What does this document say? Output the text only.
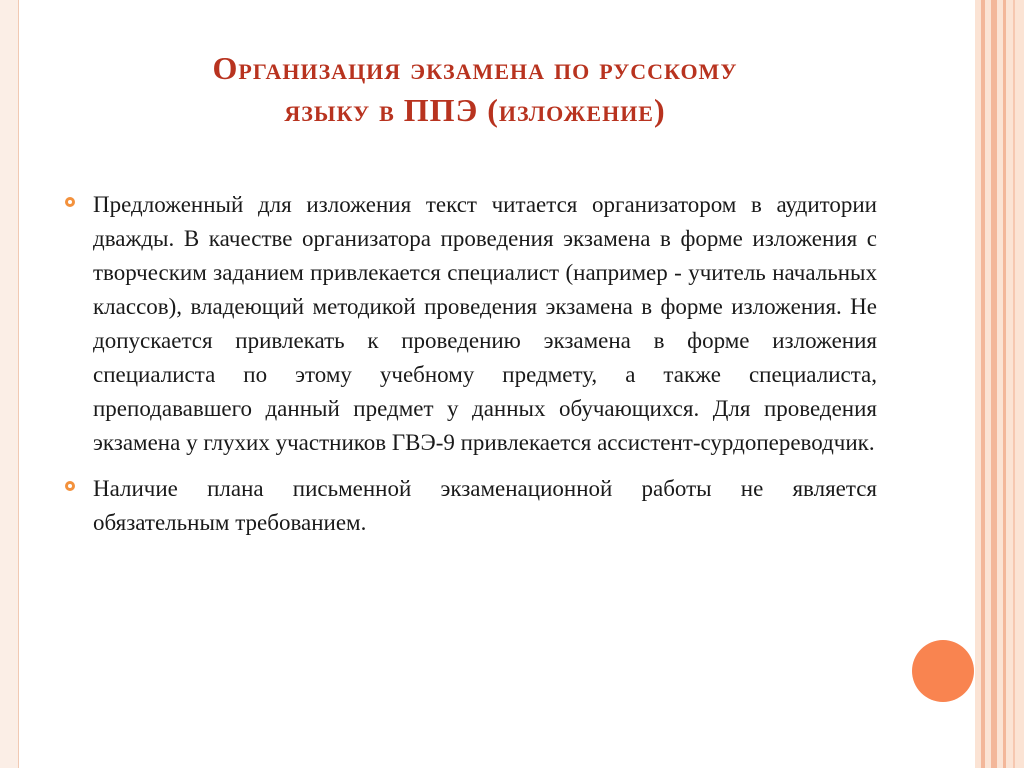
Организация экзамена по русскому
языку в ППЭ (изложение)
Предложенный для изложения текст читается организатором в аудитории дважды. В качестве организатора проведения экзамена в форме изложения с творческим заданием привлекается специалист (например - учитель начальных классов), владеющий методикой проведения экзамена в форме изложения. Не допускается привлекать к проведению экзамена в форме изложения специалиста по этому учебному предмету, а также специалиста, преподававшего данный предмет у данных обучающихся. Для проведения экзамена у глухих участников ГВЭ-9 привлекается ассистент-сурдопереводчик.
Наличие плана письменной экзаменационной работы не является обязательным требованием.
